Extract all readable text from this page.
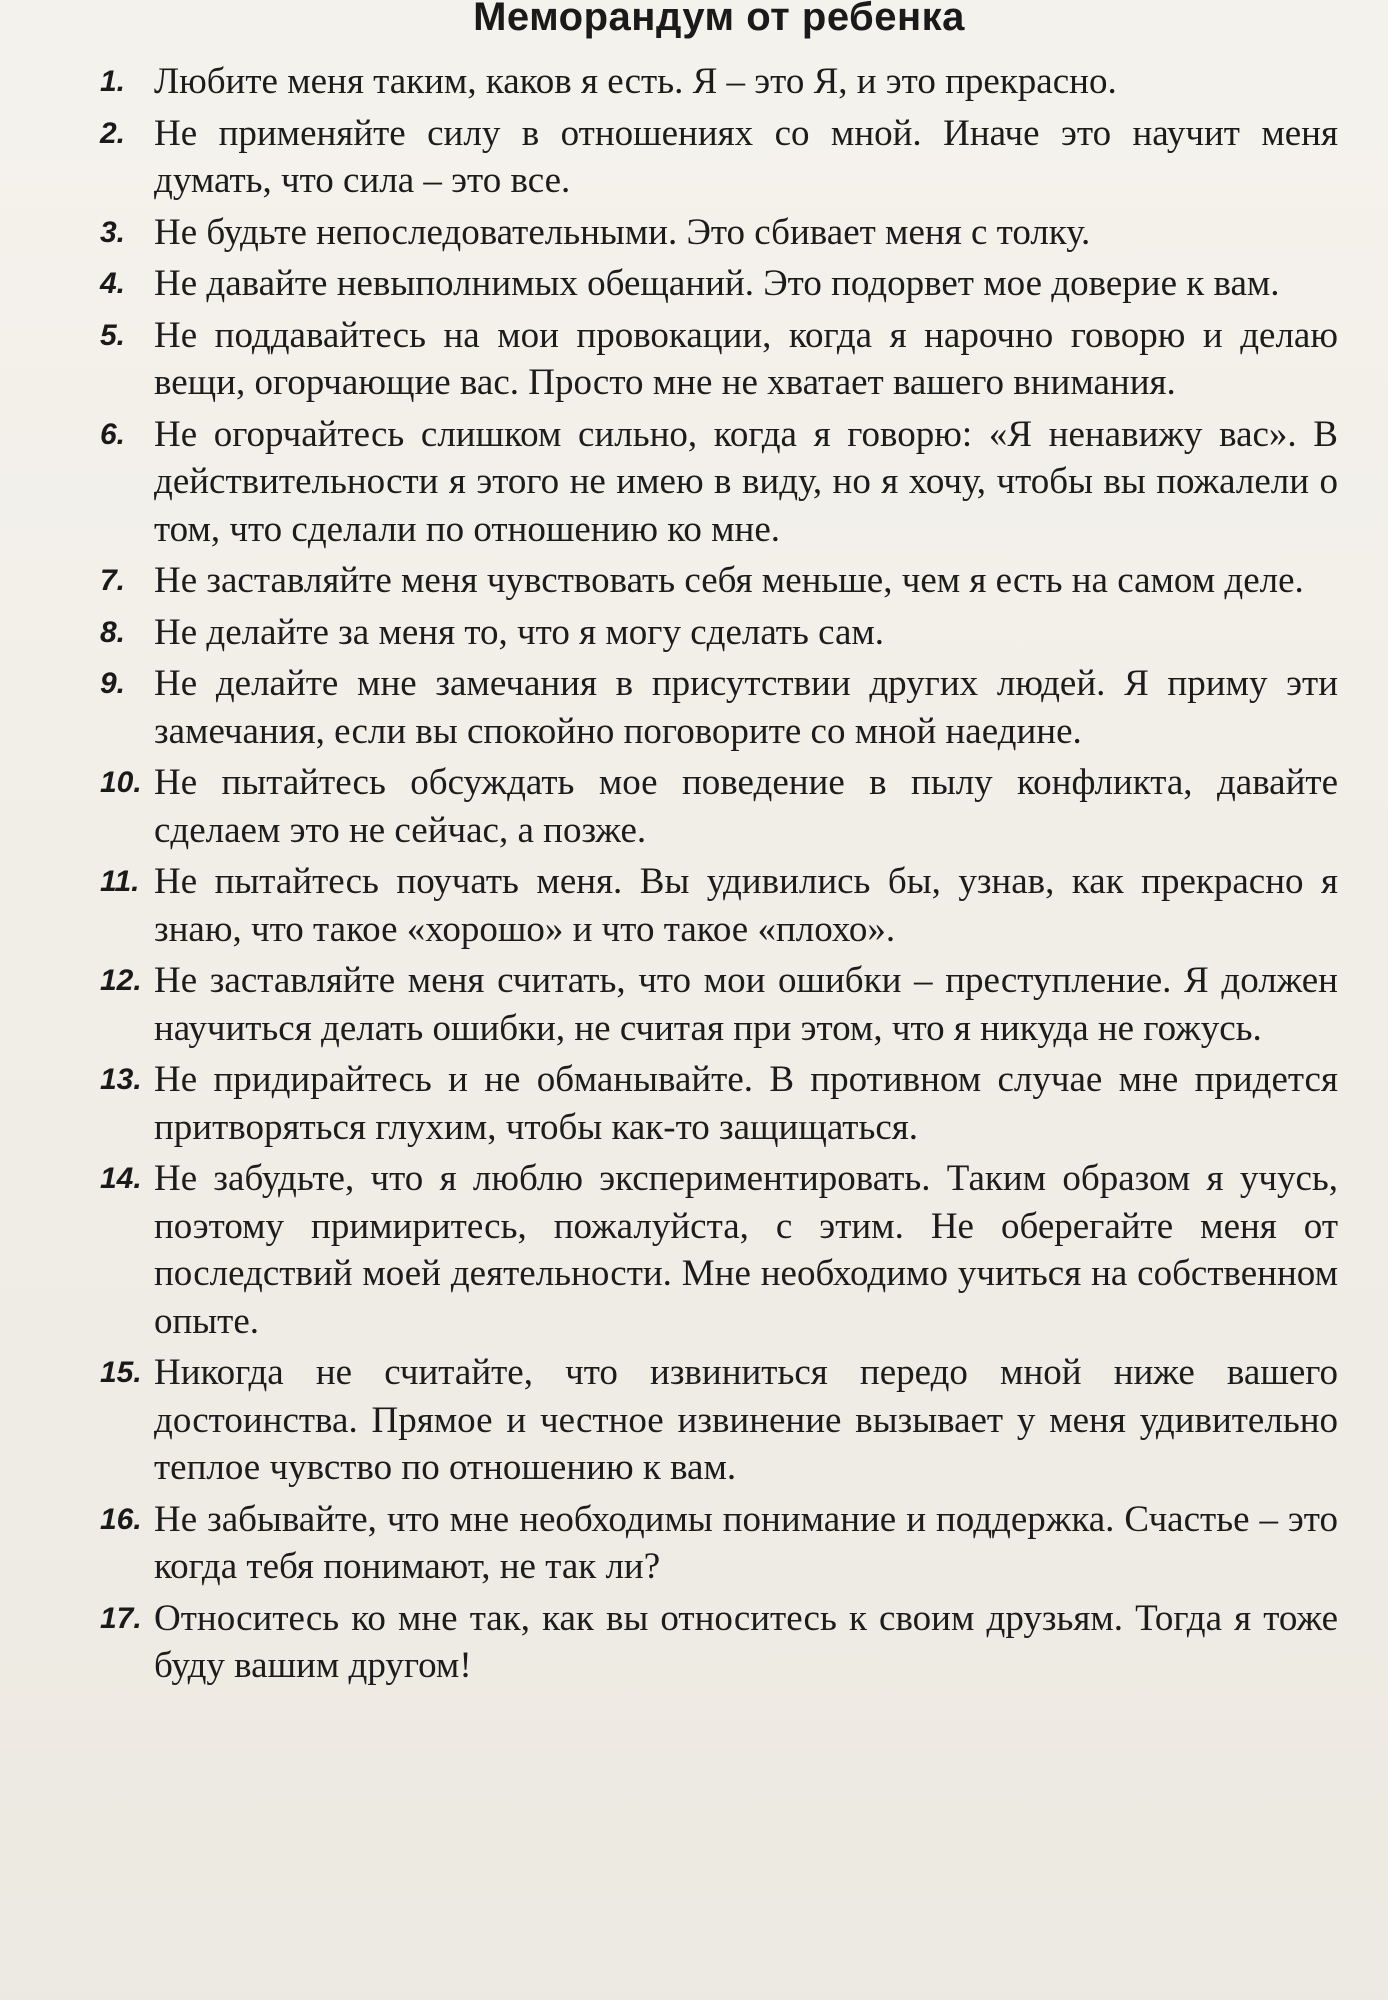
Меморандум от ребенка
1. Любите меня таким, каков я есть. Я – это Я, и это прекрасно.
2. Не применяйте силу в отношениях со мной. Иначе это научит меня думать, что сила – это все.
3. Не будьте непоследовательными. Это сбивает меня с толку.
4. Не давайте невыполнимых обещаний. Это подорвет мое доверие к вам.
5. Не поддавайтесь на мои провокации, когда я нарочно говорю и делаю вещи, огорчающие вас. Просто мне не хватает вашего внимания.
6. Не огорчайтесь слишком сильно, когда я говорю: «Я ненавижу вас». В действительности я этого не имею в виду, но я хочу, чтобы вы пожалели о том, что сделали по отношению ко мне.
7. Не заставляйте меня чувствовать себя меньше, чем я есть на самом деле.
8. Не делайте за меня то, что я могу сделать сам.
9. Не делайте мне замечания в присутствии других людей. Я приму эти замечания, если вы спокойно поговорите со мной наедине.
10. Не пытайтесь обсуждать мое поведение в пылу конфликта, давайте сделаем это не сейчас, а позже.
11. Не пытайтесь поучать меня. Вы удивились бы, узнав, как прекрасно я знаю, что такое «хорошо» и что такое «плохо».
12. Не заставляйте меня считать, что мои ошибки – преступление. Я должен научиться делать ошибки, не считая при этом, что я никуда не гожусь.
13. Не придирайтесь и не обманывайте. В противном случае мне придется притворяться глухим, чтобы как-то защищаться.
14. Не забудьте, что я люблю экспериментировать. Таким образом я учусь, поэтому примиритесь, пожалуйста, с этим. Не оберегайте меня от последствий моей деятельности. Мне необходимо учиться на собственном опыте.
15. Никогда не считайте, что извиниться передо мной ниже вашего достоинства. Прямое и честное извинение вызывает у меня удивительно теплое чувство по отношению к вам.
16. Не забывайте, что мне необходимы понимание и поддержка. Счастье – это когда тебя понимают, не так ли?
17. Относитесь ко мне так, как вы относитесь к своим друзьям. Тогда я тоже буду вашим другом!
